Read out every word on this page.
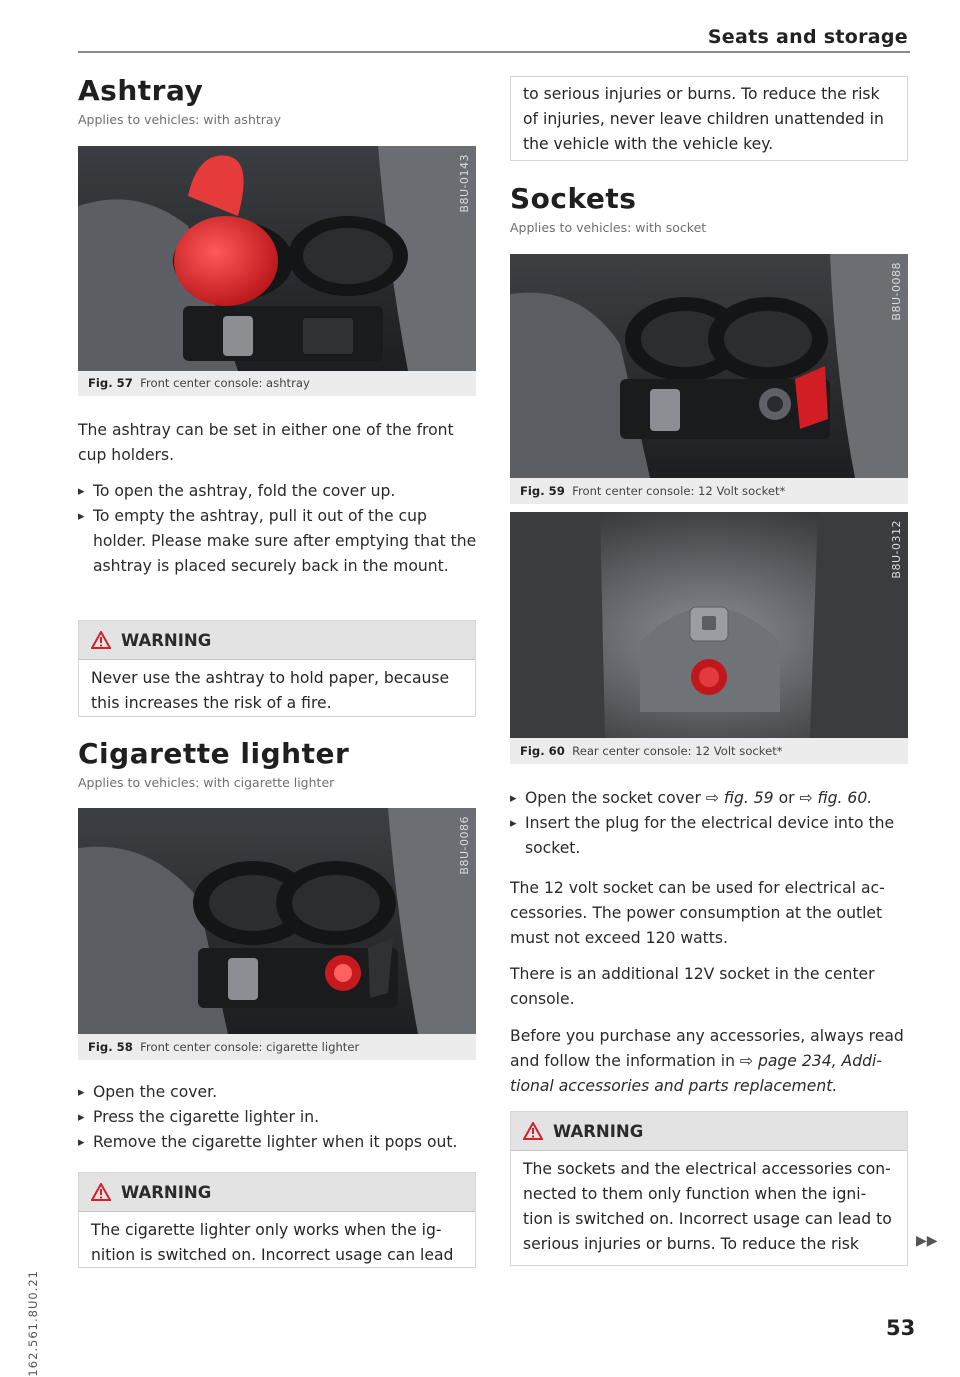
Seats and storage
Ashtray
Applies to vehicles: with ashtray
B8U-0143
Fig. 57 Front center console: ashtray
The ashtray can be set in either one of the front cup holders.
▸ To open the ashtray, fold the cover up.
▸ To empty the ashtray, pull it out of the cup holder. Please make sure after emptying that the ashtray is placed securely back in the mount.
WARNING
Never use the ashtray to hold paper, because this increases the risk of a fire.
Cigarette lighter
Applies to vehicles: with cigarette lighter
B8U-0086
Fig. 58 Front center console: cigarette lighter
▸ Open the cover.
▸ Press the cigarette lighter in.
▸ Remove the cigarette lighter when it pops out.
WARNING
The cigarette lighter only works when the ig-nition is switched on. Incorrect usage can lead
to serious injuries or burns. To reduce the risk of injuries, never leave children unattended in the vehicle with the vehicle key.
Sockets
Applies to vehicles: with socket
B8U-0088
Fig. 59 Front center console: 12 Volt socket*
B8U-0312
Fig. 60 Rear center console: 12 Volt socket*
▸ Open the socket cover ⇨ fig. 59 or ⇨ fig. 60.
▸ Insert the plug for the electrical device into the socket.
The 12 volt socket can be used for electrical ac-cessories. The power consumption at the outlet must not exceed 120 watts.
There is an additional 12V socket in the center console.
Before you purchase any accessories, always read and follow the information in ⇨ page 234, Addi-tional accessories and parts replacement.
WARNING
The sockets and the electrical accessories con-nected to them only function when the igni-tion is switched on. Incorrect usage can lead to serious injuries or burns. To reduce the risk	▶▶
162.561.8U0.21	53
